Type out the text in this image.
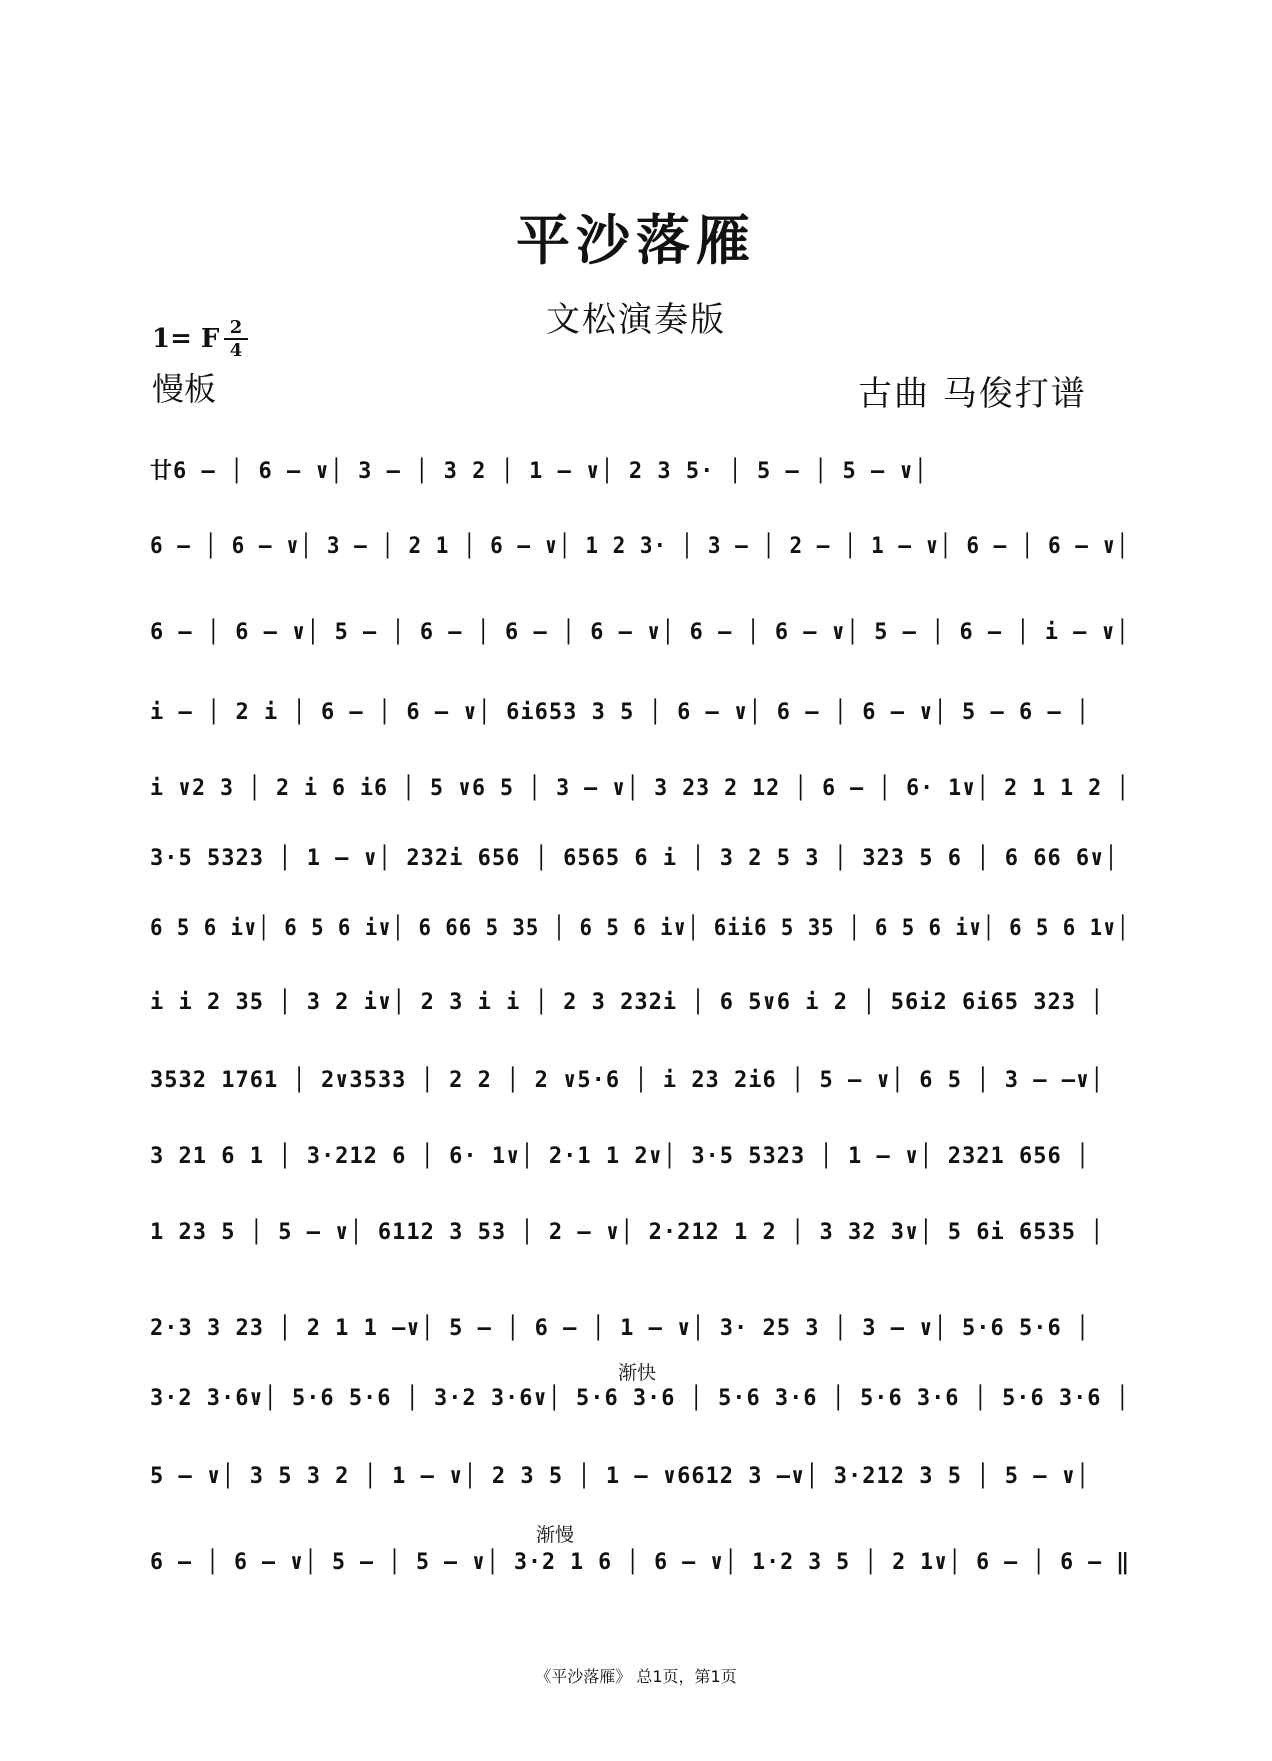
平沙落雁
文松演奏版
1= F 2
4
慢板	古曲 马俊打谱
廿6 – │ 6 – ∨│ 3 – │ 3 2 │ 1 – ∨│ 2 3 5· │ 5 – │ 5 – ∨│
6 – │ 6 – ∨│ 3 – │ 2 1 │ 6 – ∨│ 1 2 3· │ 3 – │ 2 – │ 1 – ∨│ 6 – │ 6 – ∨│
6 – │ 6 – ∨│ 5 – │ 6 – │ 6 – │ 6 – ∨│ 6 – │ 6 – ∨│ 5 – │ 6 – │ i – ∨│
i – │ 2 i │ 6 – │ 6 – ∨│ 6i653 3 5 │ 6 – ∨│ 6 – │ 6 – ∨│ 5 – 6 – │
i ∨2 3 │ 2 i 6 i6 │ 5 ∨6 5 │ 3 – ∨│ 3 23 2 12 │ 6 – │ 6· 1∨│ 2 1 1 2 │
3·5 5323 │ 1 – ∨│ 232i 656 │ 6565 6 i │ 3 2 5 3 │ 323 5 6 │ 6 66 6∨│
6 5 6 i∨│ 6 5 6 i∨│ 6 66 5 35 │ 6 5 6 i∨│ 6ii6 5 35 │ 6 5 6 i∨│ 6 5 6 1∨│
i i 2 35 │ 3 2 i∨│ 2 3 i i │ 2 3 232i │ 6 5∨6 i 2 │ 56i2 6i65 323 │
3532 1761 │ 2∨3533 │ 2 2 │ 2 ∨5·6 │ i 23 2i6 │ 5 – ∨│ 6 5 │ 3 – –∨│
3 21 6 1 │ 3·212 6 │ 6· 1∨│ 2·1 1 2∨│ 3·5 5323 │ 1 – ∨│ 2321 656 │
1 23 5 │ 5 – ∨│ 6112 3 53 │ 2 – ∨│ 2·212 1 2 │ 3 32 3∨│ 5 6i 6535 │
2·3 3 23 │ 2 1 1 –∨│ 5 – │ 6 – │ 1 – ∨│ 3· 25 3 │ 3 – ∨│ 5·6 5·6 │
渐快
3·2 3·6∨│ 5·6 5·6 │ 3·2 3·6∨│ 5·6 3·6 │ 5·6 3·6 │ 5·6 3·6 │ 5·6 3·6 │
5 – ∨│ 3 5 3 2 │ 1 – ∨│ 2 3 5 │ 1 – ∨6612 3 –∨│ 3·212 3 5 │ 5 – ∨│
渐慢
6 – │ 6 – ∨│ 5 – │ 5 – ∨│ 3·2 1 6 │ 6 – ∨│ 1·2 3 5 │ 2 1∨│ 6 – │ 6 – ‖
《平沙落雁》 总1页，第1页
